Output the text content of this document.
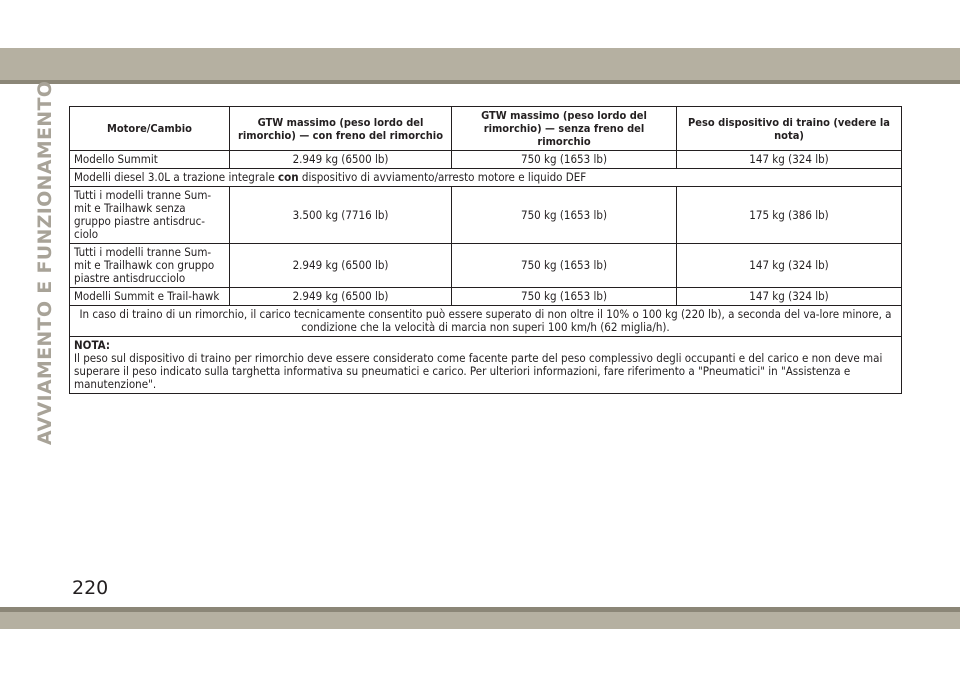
AVVIAMENTO E FUNZIONAMENTO	Motore/Cambio	GTW massimo (peso lordo del rimorchio) — con freno del rimorchio	GTW massimo (peso lordo del rimorchio) — senza freno del rimorchio	Peso dispositivo di traino (vedere la nota)
Modello Summit	2.949 kg (6500 lb)	750 kg (1653 lb)	147 kg (324 lb)
Modelli diesel 3.0L a trazione integrale con dispositivo di avviamento/arresto motore e liquido DEF			
Tutti i modelli tranne Sum-mit e Trailhawk senza gruppo piastre antisdruc-ciolo	3.500 kg (7716 lb)	750 kg (1653 lb)	175 kg (386 lb)
Tutti i modelli tranne Sum-mit e Trailhawk con gruppo piastre antisdrucciolo	2.949 kg (6500 lb)	750 kg (1653 lb)	147 kg (324 lb)
Modelli Summit e Trail-hawk	2.949 kg (6500 lb)	750 kg (1653 lb)	147 kg (324 lb)
In caso di traino di un rimorchio, il carico tecnicamente consentito può essere superato di non oltre il 10% o 100 kg (220 lb), a seconda del va-lore minore, a condizione che la velocità di marcia non superi 100 km/h (62 miglia/h).			

NOTA:
Il peso sul dispositivo di traino per rimorchio deve essere considerato come facente parte del peso complessivo degli occupanti e del carico e non deve mai superare il peso indicato sulla targhetta informativa su pneumatici e carico. Per ulteriori informazioni, fare riferimento a "Pneumatici" in "Assistenza e manutenzione".			
220
